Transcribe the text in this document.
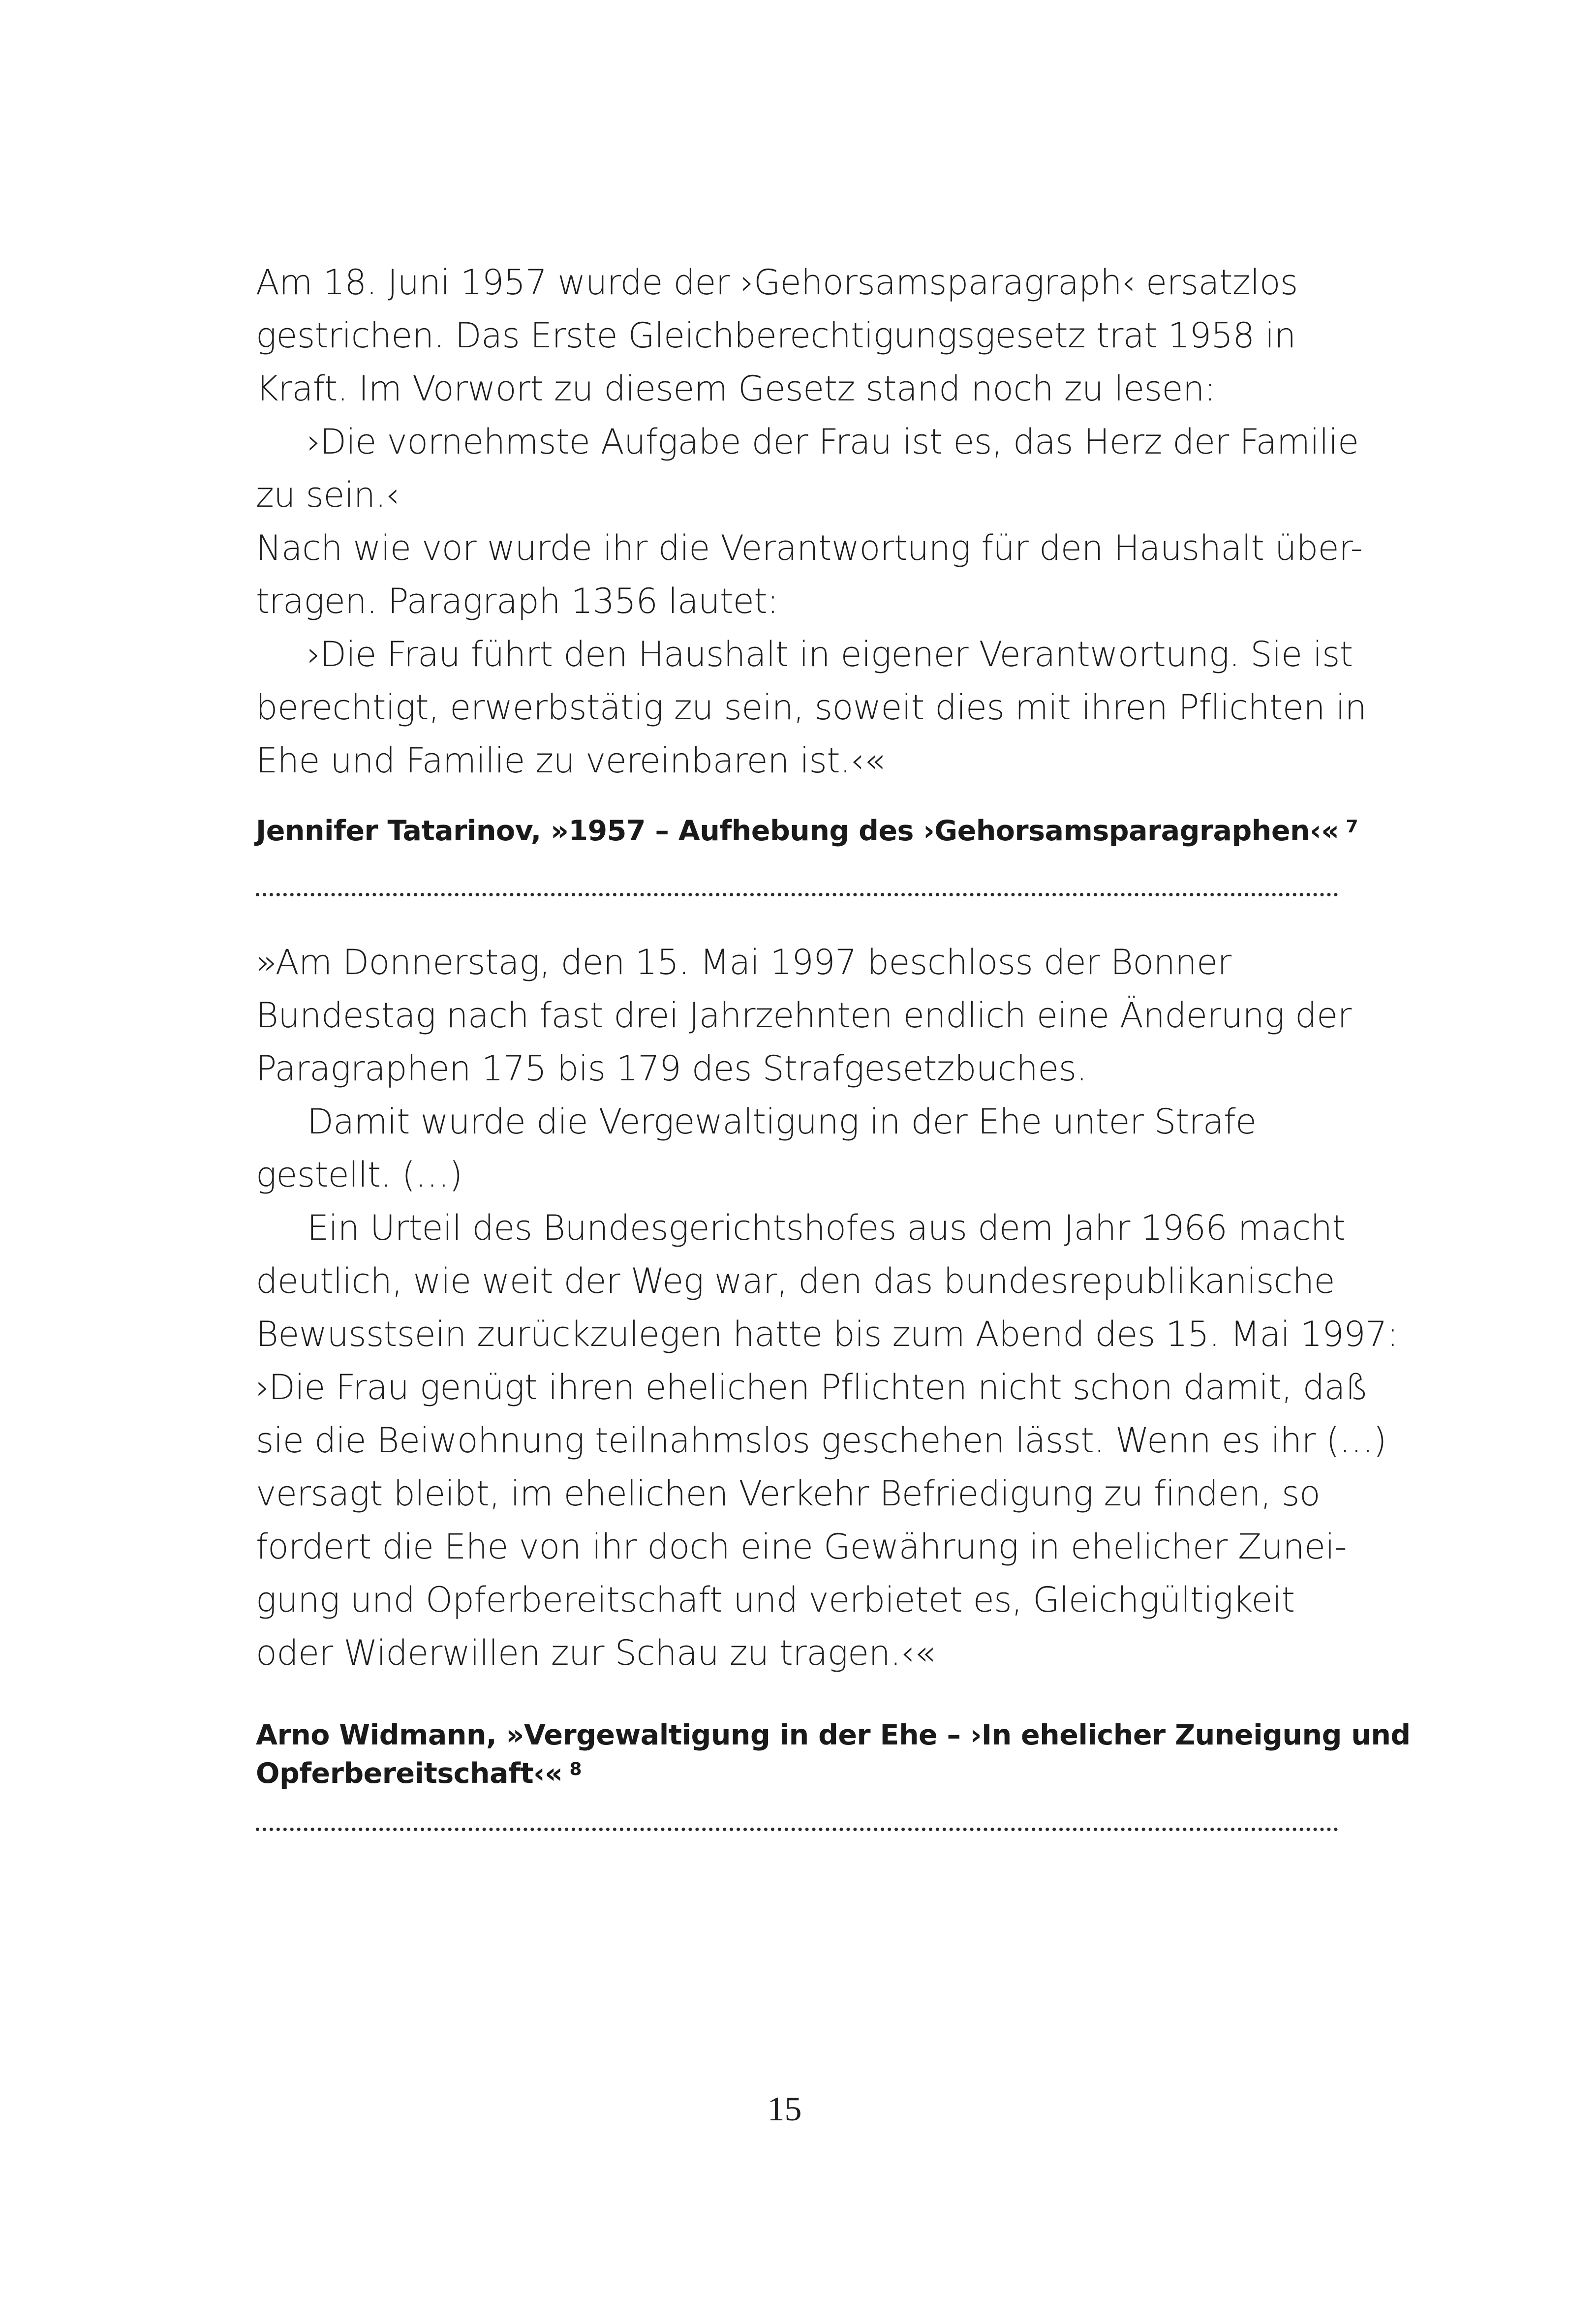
Am 18. Juni 1957 wurde der ›Gehorsamsparagraph‹ ersatzlos
gestrichen. Das Erste Gleichberechtigungsgesetz trat 1958 in
Kraft. Im Vorwort zu diesem Gesetz stand noch zu lesen:
›Die vornehmste Aufgabe der Frau ist es, das Herz der Familie
zu sein.‹
Nach wie vor wurde ihr die Verantwortung für den Haushalt über-
tragen. Paragraph 1356 lautet:
›Die Frau führt den Haushalt in eigener Verantwortung. Sie ist
berechtigt, erwerbstätig zu sein, soweit dies mit ihren Pflichten in
Ehe und Familie zu vereinbaren ist.‹«
Jennifer Tatarinov, »1957 – Aufhebung des ›Gehorsamsparagraphen‹« $^7$
»Am Donnerstag, den 15. Mai 1997 beschloss der Bonner
Bundestag nach fast drei Jahrzehnten endlich eine Änderung der
Paragraphen 175 bis 179 des Strafgesetzbuches.
Damit wurde die Vergewaltigung in der Ehe unter Strafe
gestellt. (…)
Ein Urteil des Bundesgerichtshofes aus dem Jahr 1966 macht
deutlich, wie weit der Weg war, den das bundesrepublikanische
Bewusstsein zurückzulegen hatte bis zum Abend des 15. Mai 1997:
›Die Frau genügt ihren ehelichen Pflichten nicht schon damit, daß
sie die Beiwohnung teilnahmslos geschehen lässt. Wenn es ihr (…)
versagt bleibt, im ehelichen Verkehr Befriedigung zu finden, so
fordert die Ehe von ihr doch eine Gewährung in ehelicher Zunei-
gung und Opferbereitschaft und verbietet es, Gleichgültigkeit
oder Widerwillen zur Schau zu tragen.‹«
Arno Widmann, »Vergewaltigung in der Ehe – ›In ehelicher Zuneigung und
Opferbereitschaft‹« $^8$
15
